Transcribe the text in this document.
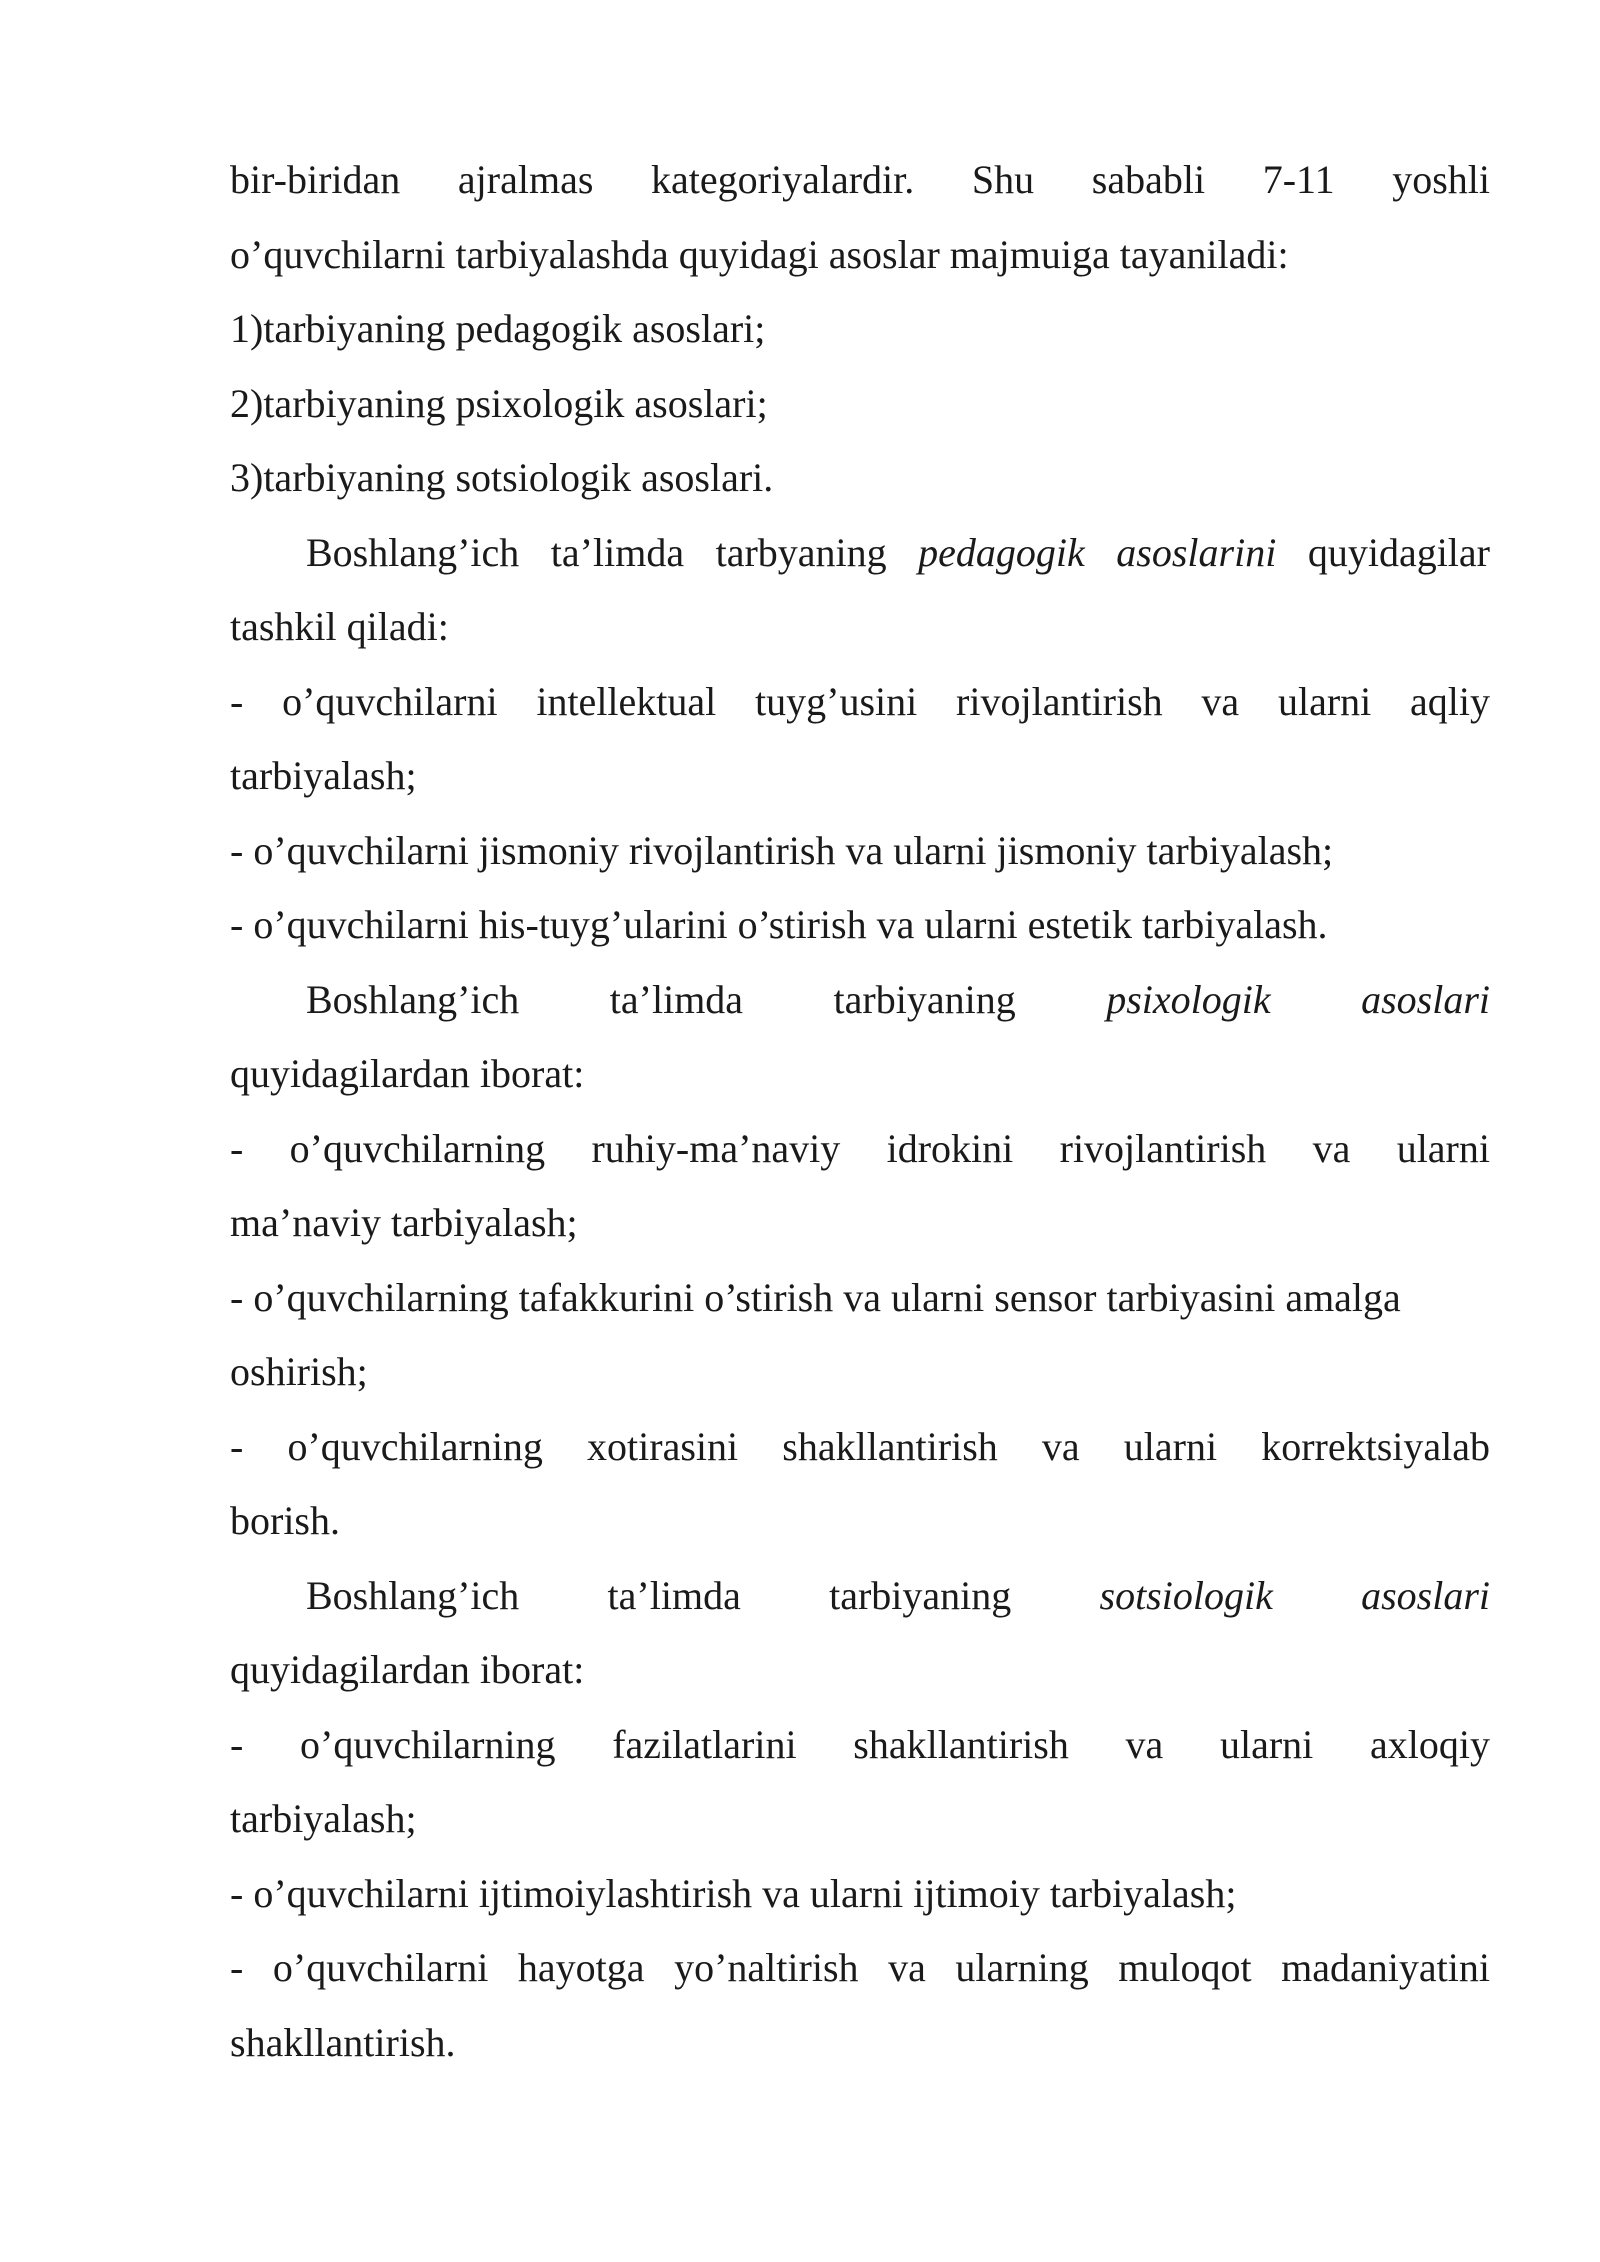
bir-biridan ajralmas kategoriyalardir. Shu sababli 7-11 yoshli
o’quvchilarni tarbiyalashda quyidagi asoslar majmuiga tayaniladi:
1)tarbiyaning pedagogik asoslari;
2)tarbiyaning psixologik asoslari;
3)tarbiyaning sotsiologik asoslari.
Boshlang’ich ta’limda tarbyaning pedagogik asoslarini quyidagilar
tashkil qiladi:
- o’quvchilarni intellektual tuyg’usini rivojlantirish va ularni aqliy
tarbiyalash;
- o’quvchilarni jismoniy rivojlantirish va ularni jismoniy tarbiyalash;
- o’quvchilarni his-tuyg’ularini o’stirish va ularni estetik tarbiyalash.
Boshlang’ich ta’limda tarbiyaning psixologik asoslari
quyidagilardan iborat:
- o’quvchilarning ruhiy-ma’naviy idrokini rivojlantirish va ularni
ma’naviy tarbiyalash;
- o’quvchilarning tafakkurini o’stirish va ularni sensor tarbiyasini amalga
oshirish;
- o’quvchilarning xotirasini shakllantirish va ularni korrektsiyalab
borish.
Boshlang’ich ta’limda tarbiyaning sotsiologik asoslari
quyidagilardan iborat:
- o’quvchilarning fazilatlarini shakllantirish va ularni axloqiy
tarbiyalash;
- o’quvchilarni ijtimoiylashtirish va ularni ijtimoiy tarbiyalash;
- o’quvchilarni hayotga yo’naltirish va ularning muloqot madaniyatini
shakllantirish.
